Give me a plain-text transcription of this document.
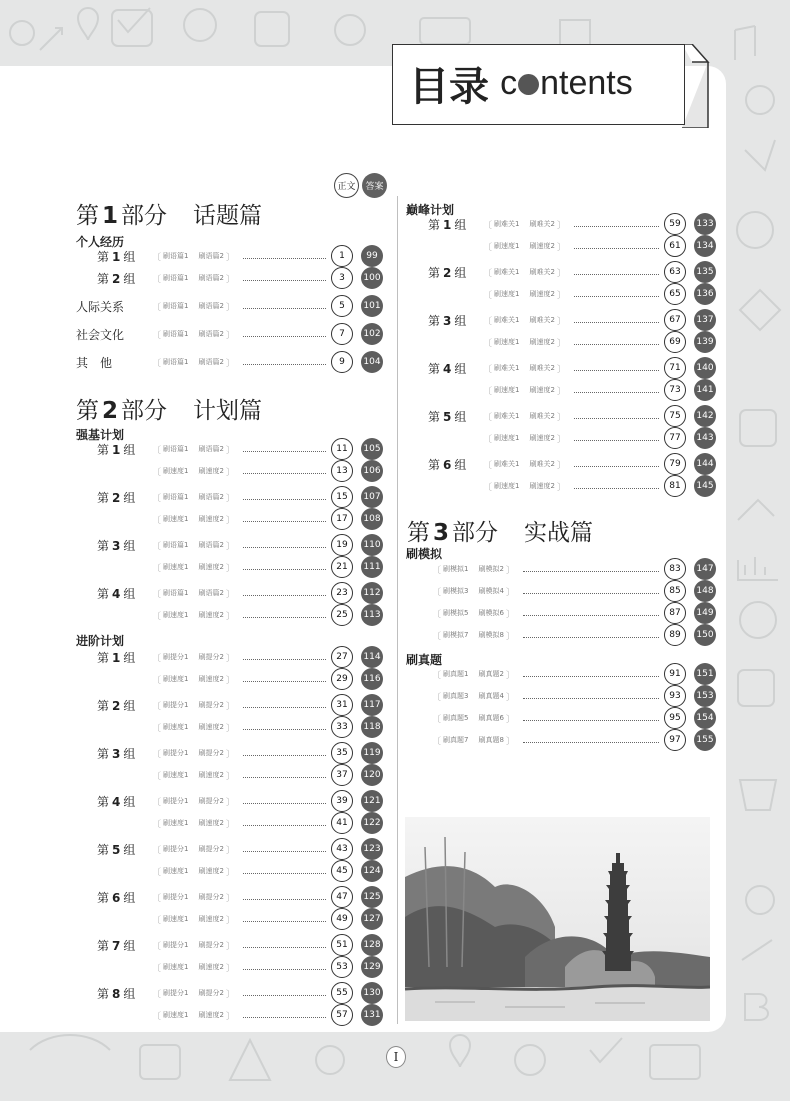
目录 c ntents
正文	答案
第 1 部分 话题篇
个人经历
第 1 组 〔 刷语篇1 刷语篇2 〕	1	99
第 2 组 〔 刷语篇1 刷语篇2 〕	3	100
人际关系	〔 刷语篇1 刷语篇2 〕	5	101
社会文化	〔 刷语篇1 刷语篇2 〕	7	102
其　他	〔 刷语篇1 刷语篇2 〕	9	104
第 2 部分 计划篇
强基计划
第 1 组 〔 刷语篇1 刷语篇2 〕	11	105
〔 刷速度1 刷速度2 〕	13	106
第 2 组 〔 刷语篇1 刷语篇2 〕	15	107
〔 刷速度1 刷速度2 〕	17	108
第 3 组 〔 刷语篇1 刷语篇2 〕	19	110
〔 刷速度1 刷速度2 〕	21	111
第 4 组 〔 刷语篇1 刷语篇2 〕	23	112
〔 刷速度1 刷速度2 〕	25	113
进阶计划
第 1 组 〔 刷提分1 刷提分2 〕	27	114
〔 刷速度1 刷速度2 〕	29	116
第 2 组 〔 刷提分1 刷提分2 〕	31	117
〔 刷速度1 刷速度2 〕	33	118
第 3 组 〔 刷提分1 刷提分2 〕	35	119
〔 刷速度1 刷速度2 〕	37	120
第 4 组 〔 刷提分1 刷提分2 〕	39	121
〔 刷速度1 刷速度2 〕	41	122
第 5 组 〔 刷提分1 刷提分2 〕	43	123
〔 刷速度1 刷速度2 〕	45	124
第 6 组 〔 刷提分1 刷提分2 〕	47	125
〔 刷速度1 刷速度2 〕	49	127
第 7 组 〔 刷提分1 刷提分2 〕	51	128
〔 刷速度1 刷速度2 〕	53	129
第 8 组 〔 刷提分1 刷提分2 〕	55	130
〔 刷速度1 刷速度2 〕	57	131
巅峰计划
第 1 组 〔 刷难关1 刷难关2 〕	59	133
〔 刷速度1 刷速度2 〕	61	134
第 2 组 〔 刷难关1 刷难关2 〕	63	135
〔 刷速度1 刷速度2 〕	65	136
第 3 组 〔 刷难关1 刷难关2 〕	67	137
〔 刷速度1 刷速度2 〕	69	139
第 4 组 〔 刷难关1 刷难关2 〕	71	140
〔 刷速度1 刷速度2 〕	73	141
第 5 组 〔 刷难关1 刷难关2 〕	75	142
〔 刷速度1 刷速度2 〕	77	143
第 6 组 〔 刷难关1 刷难关2 〕	79	144
〔 刷速度1 刷速度2 〕	81	145
第 3 部分 实战篇
刷模拟
〔 刷模拟1 刷模拟2 〕	83	147
〔 刷模拟3 刷模拟4 〕	85	148
〔 刷模拟5 刷模拟6 〕	87	149
〔 刷模拟7 刷模拟8 〕	89	150
刷真题
〔 刷真题1 刷真题2 〕	91	151
〔 刷真题3 刷真题4 〕	93	153
〔 刷真题5 刷真题6 〕	95	154
〔 刷真题7 刷真题8 〕	97	155
I
